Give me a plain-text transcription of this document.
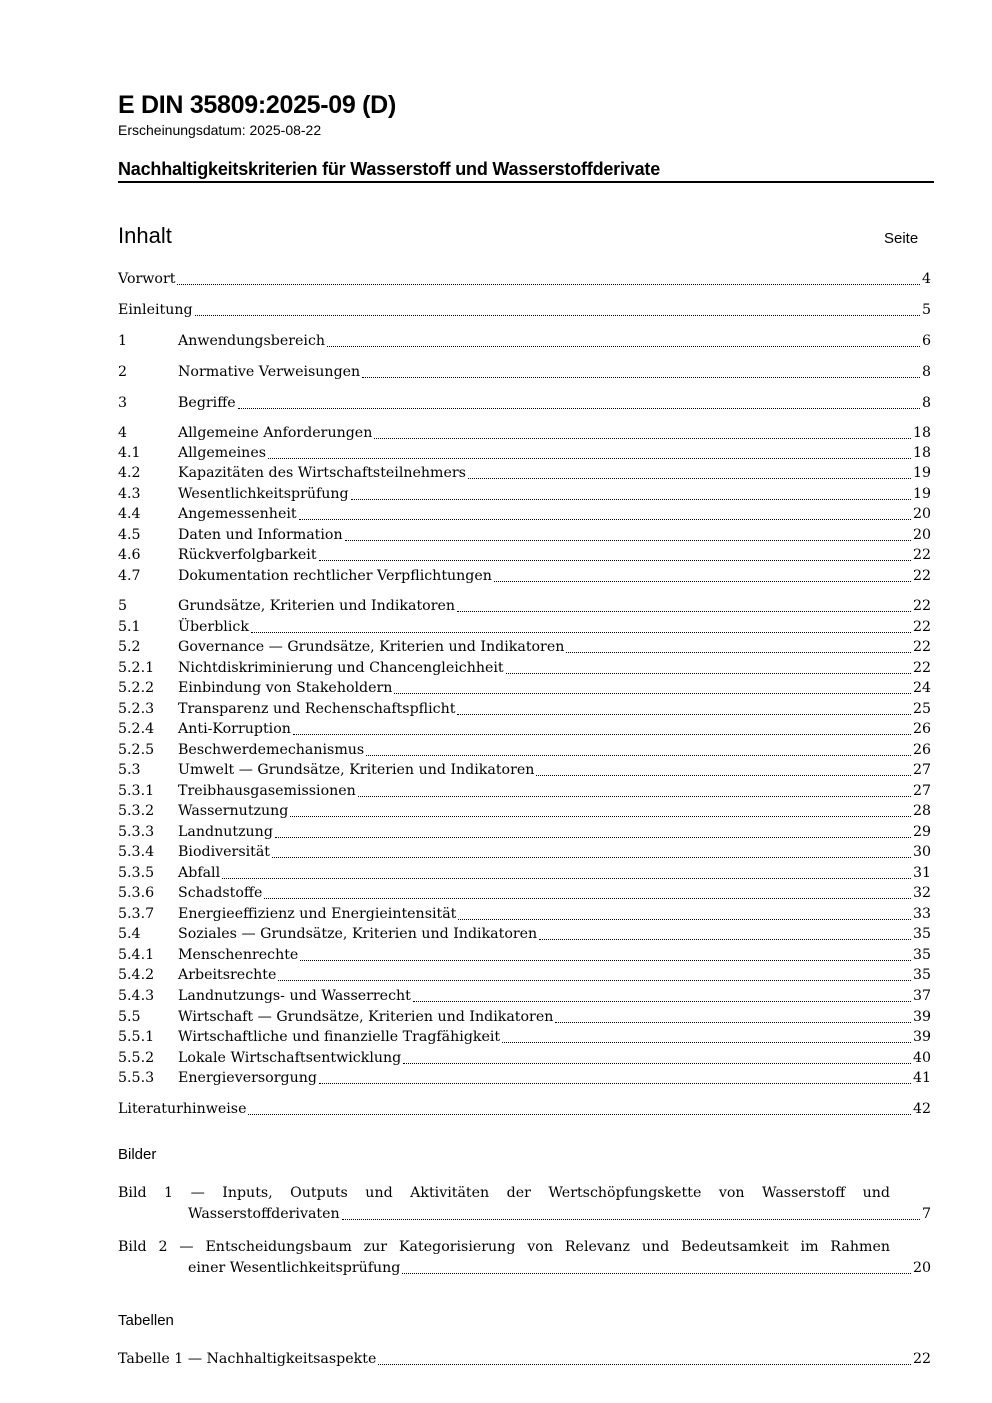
E DIN 35809:2025-09 (D)
Erscheinungsdatum: 2025-08-22
Nachhaltigkeitskriterien für Wasserstoff und Wasserstoffderivate
Inhalt	Seite
Vorwort	4
Einleitung	5
1	Anwendungsbereich	6
2	Normative Verweisungen	8
3	Begriffe	8
4	Allgemeine Anforderungen	18
4.1	Allgemeines	18
4.2	Kapazitäten des Wirtschaftsteilnehmers	19
4.3	Wesentlichkeitsprüfung	19
4.4	Angemessenheit	20
4.5	Daten und Information	20
4.6	Rückverfolgbarkeit	22
4.7	Dokumentation rechtlicher Verpflichtungen	22
5	Grundsätze, Kriterien und Indikatoren	22
5.1	Überblick	22
5.2	Governance — Grundsätze, Kriterien und Indikatoren	22
5.2.1	Nichtdiskriminierung und Chancengleichheit	22
5.2.2	Einbindung von Stakeholdern	24
5.2.3	Transparenz und Rechenschaftspflicht	25
5.2.4	Anti-Korruption	26
5.2.5	Beschwerdemechanismus	26
5.3	Umwelt — Grundsätze, Kriterien und Indikatoren	27
5.3.1	Treibhausgasemissionen	27
5.3.2	Wassernutzung	28
5.3.3	Landnutzung	29
5.3.4	Biodiversität	30
5.3.5	Abfall	31
5.3.6	Schadstoffe	32
5.3.7	Energieeffizienz und Energieintensität	33
5.4	Soziales — Grundsätze, Kriterien und Indikatoren	35
5.4.1	Menschenrechte	35
5.4.2	Arbeitsrechte	35
5.4.3	Landnutzungs- und Wasserrecht	37
5.5	Wirtschaft — Grundsätze, Kriterien und Indikatoren	39
5.5.1	Wirtschaftliche und finanzielle Tragfähigkeit	39
5.5.2	Lokale Wirtschaftsentwicklung	40
5.5.3	Energieversorgung	41
Literaturhinweise	42
Bilder
Bild 1 — Inputs, Outputs und Aktivitäten der Wertschöpfungskette von Wasserstoff und
Wasserstoffderivaten	7
Bild 2 — Entscheidungsbaum zur Kategorisierung von Relevanz und Bedeutsamkeit im Rahmen
einer Wesentlichkeitsprüfung	20
Tabellen
Tabelle 1 — Nachhaltigkeitsaspekte	22
